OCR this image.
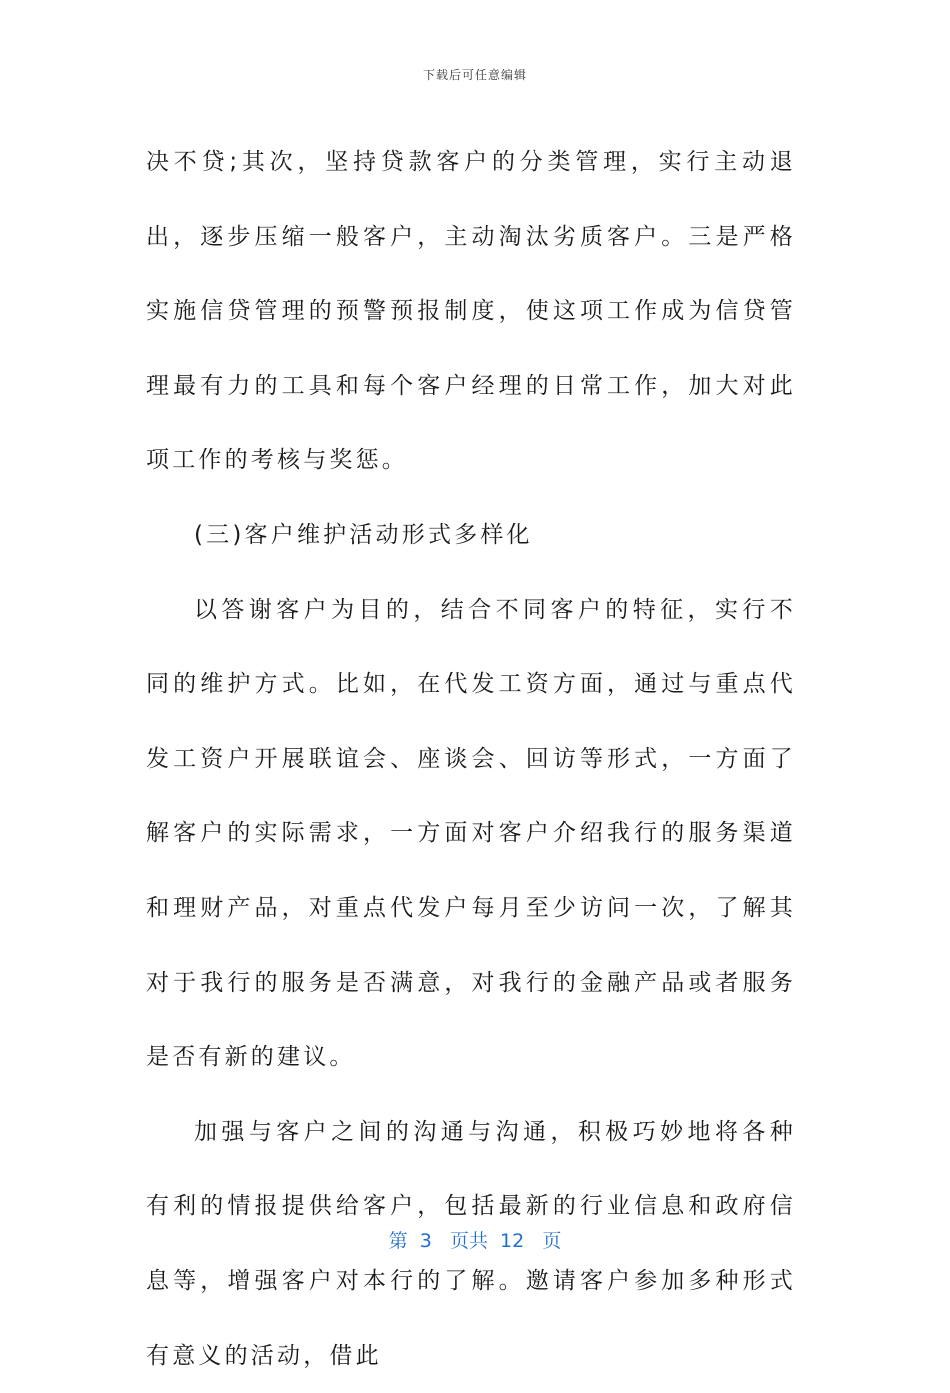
下载后可任意编辑

决不贷;其次，坚持贷款客户的分类管理，实行主动退出，逐步压缩一般客户，主动淘汰劣质客户。三是严格实施信贷管理的预警预报制度，使这项工作成为信贷管理最有力的工具和每个客户经理的日常工作，加大对此项工作的考核与奖惩。

(三)客户维护活动形式多样化

以答谢客户为目的，结合不同客户的特征，实行不同的维护方式。比如，在代发工资方面，通过与重点代发工资户开展联谊会、座谈会、回访等形式，一方面了解客户的实际需求，一方面对客户介绍我行的服务渠道和理财产品，对重点代发户每月至少访问一次，了解其对于我行的服务是否满意，对我行的金融产品或者服务是否有新的建议。

加强与客户之间的沟通与沟通，积极巧妙地将各种有利的情报提供给客户，包括最新的行业信息和政府信息等，增强客户对本行的了解。邀请客户参加多种形式有意义的活动，借此

第 3 页共 12 页
